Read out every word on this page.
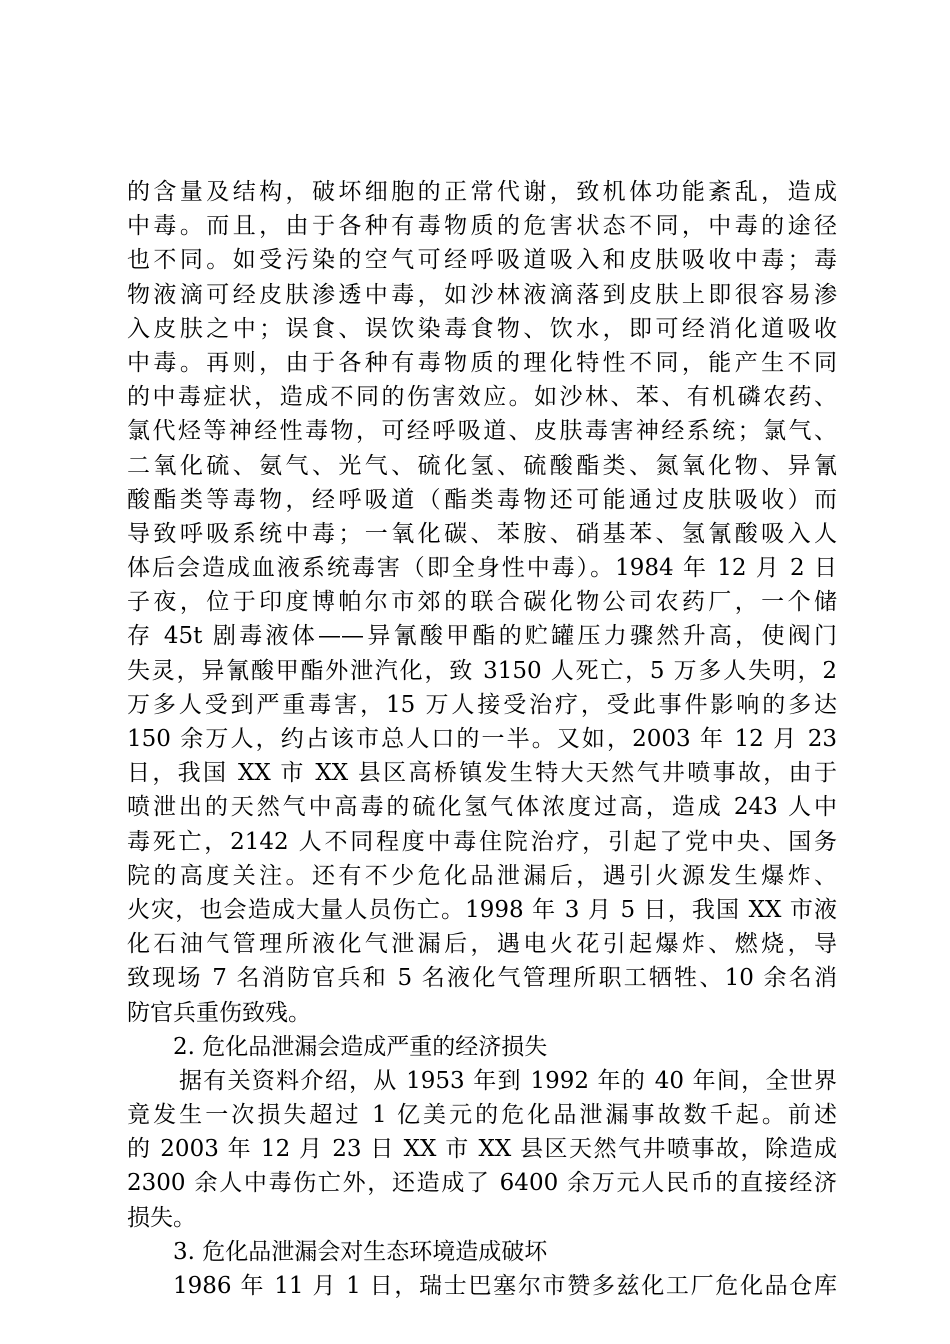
的含量及结构，破坏细胞的正常代谢，致机体功能紊乱，造成
中毒。而且，由于各种有毒物质的危害状态不同，中毒的途径
也不同。如受污染的空气可经呼吸道吸入和皮肤吸收中毒；毒
物液滴可经皮肤渗透中毒，如沙林液滴落到皮肤上即很容易渗
入皮肤之中；误食、误饮染毒食物、饮水，即可经消化道吸收
中毒。再则，由于各种有毒物质的理化特性不同，能产生不同
的中毒症状，造成不同的伤害效应。如沙林、苯、有机磷农药、
氯代烃等神经性毒物，可经呼吸道、皮肤毒害神经系统；氯气、
二氧化硫、氨气、光气、硫化氢、硫酸酯类、氮氧化物、异氰
酸酯类等毒物，经呼吸道（酯类毒物还可能通过皮肤吸收）而
导致呼吸系统中毒；一氧化碳、苯胺、硝基苯、氢氰酸吸入人
体后会造成血液系统毒害（即全身性中毒）。1984 年 12 月 2 日
子夜，位于印度博帕尔市郊的联合碳化物公司农药厂，一个储
存 45t 剧毒液体——异氰酸甲酯的贮罐压力骤然升高，使阀门
失灵，异氰酸甲酯外泄汽化，致 3150 人死亡，5 万多人失明，2
万多人受到严重毒害，15 万人接受治疗，受此事件影响的多达
150 余万人，约占该市总人口的一半。又如，2003 年 12 月 23
日，我国 XX 市 XX 县区高桥镇发生特大天然气井喷事故，由于
喷泄出的天然气中高毒的硫化氢气体浓度过高，造成 243 人中
毒死亡，2142 人不同程度中毒住院治疗，引起了党中央、国务
院的高度关注。还有不少危化品泄漏后，遇引火源发生爆炸、
火灾，也会造成大量人员伤亡。1998 年 3 月 5 日，我国 XX 市液
化石油气管理所液化气泄漏后，遇电火花引起爆炸、燃烧，导
致现场 7 名消防官兵和 5 名液化气管理所职工牺牲、10 余名消
防官兵重伤致残。
2. 危化品泄漏会造成严重的经济损失
据有关资料介绍，从 1953 年到 1992 年的 40 年间，全世界
竟发生一次损失超过 1 亿美元的危化品泄漏事故数千起。前述
的 2003 年 12 月 23 日 XX 市 XX 县区天然气井喷事故，除造成
2300 余人中毒伤亡外，还造成了 6400 余万元人民币的直接经济
损失。
3. 危化品泄漏会对生态环境造成破坏
1986 年 11 月 1 日，瑞士巴塞尔市赞多兹化工厂危化品仓库
